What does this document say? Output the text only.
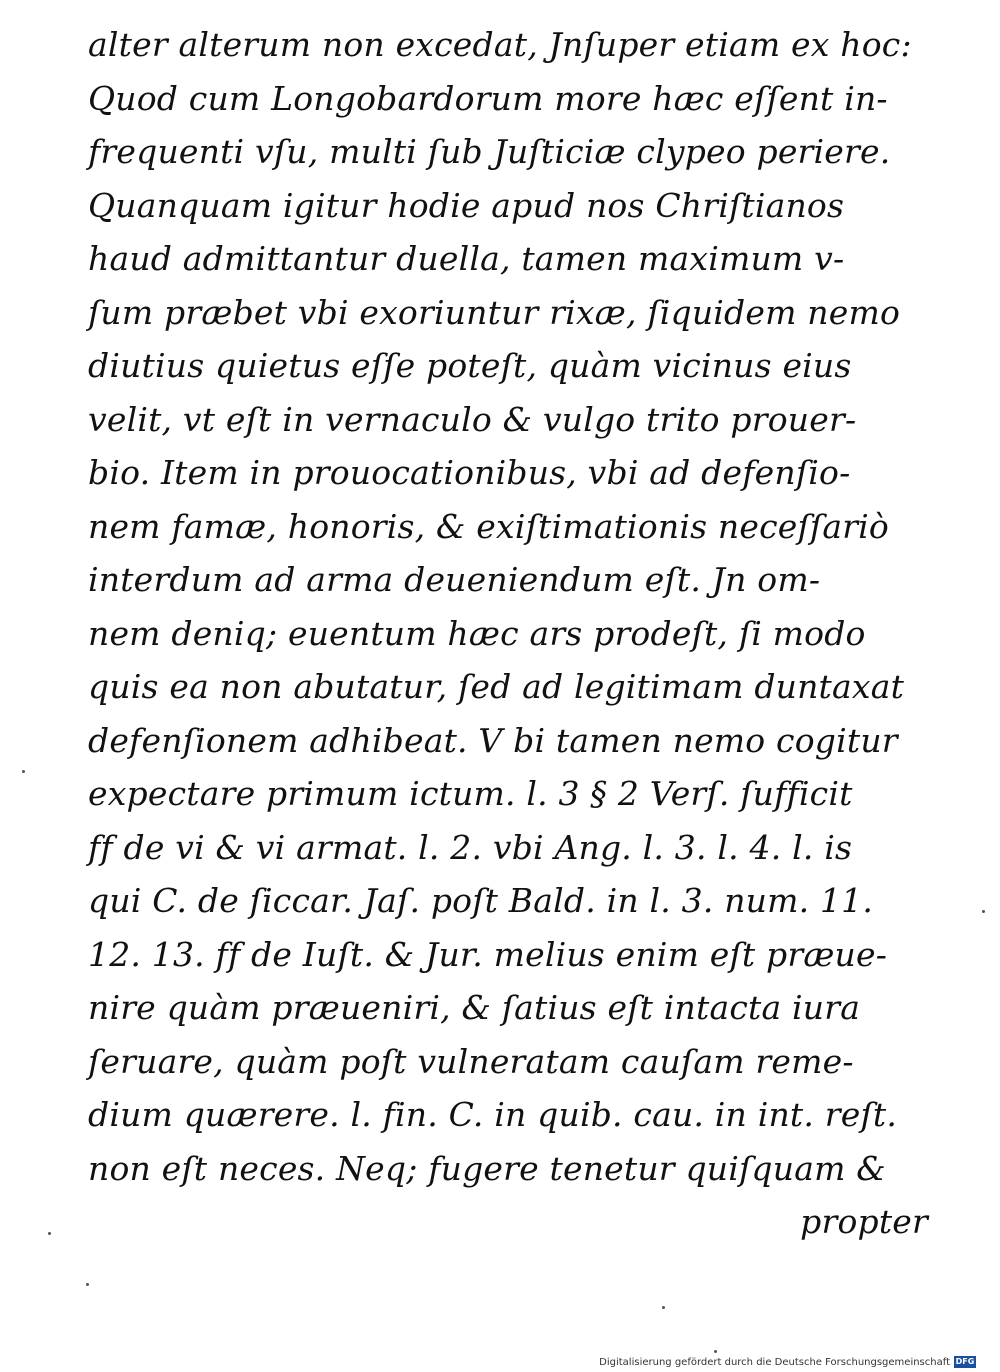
alter alterum non excedat, Jnſuper etiam ex hoc:
Quod cum Longobardorum more hæc eſſent in-
frequenti vſu, multi ſub Juſticiæ clypeo periere.
Quanquam igitur hodie apud nos Chriſtianos
haud admittantur duella, tamen maximum v-
ſum præbet vbi exoriuntur rixæ, ſiquidem nemo
diutius quietus eſſe poteſt, quàm vicinus eius
velit, vt eſt in vernaculo & vulgo trito prouer-
bio. Item in prouocationibus, vbi ad defenſio-
nem famæ, honoris, & exiſtimationis neceſſariò
interdum ad arma deueniendum eſt. Jn om-
nem deniq; euentum hæc ars prodeſt, ſi modo
quis ea non abutatur, ſed ad legitimam duntaxat
defenſionem adhibeat. V bi tamen nemo cogitur
expectare primum ictum. l. 3 § 2 Verſ. ſufficit
ff de vi & vi armat. l. 2. vbi Ang. l. 3. l. 4. l. is
qui C. de ſiccar. Jaſ. poſt Bald. in l. 3. num. 11.
12. 13. ff de Iuſt. & Jur. melius enim eſt præue-
nire quàm præueniri, & ſatius eſt intacta iura
ſeruare, quàm poſt vulneratam cauſam reme-
dium quærere. l. fin. C. in quib. cau. in int. reſt.
non eſt neces. Neq; fugere tenetur quiſquam &
propter
Digitalisierung gefördert durch die Deutsche Forschungsgemeinschaft DFG
